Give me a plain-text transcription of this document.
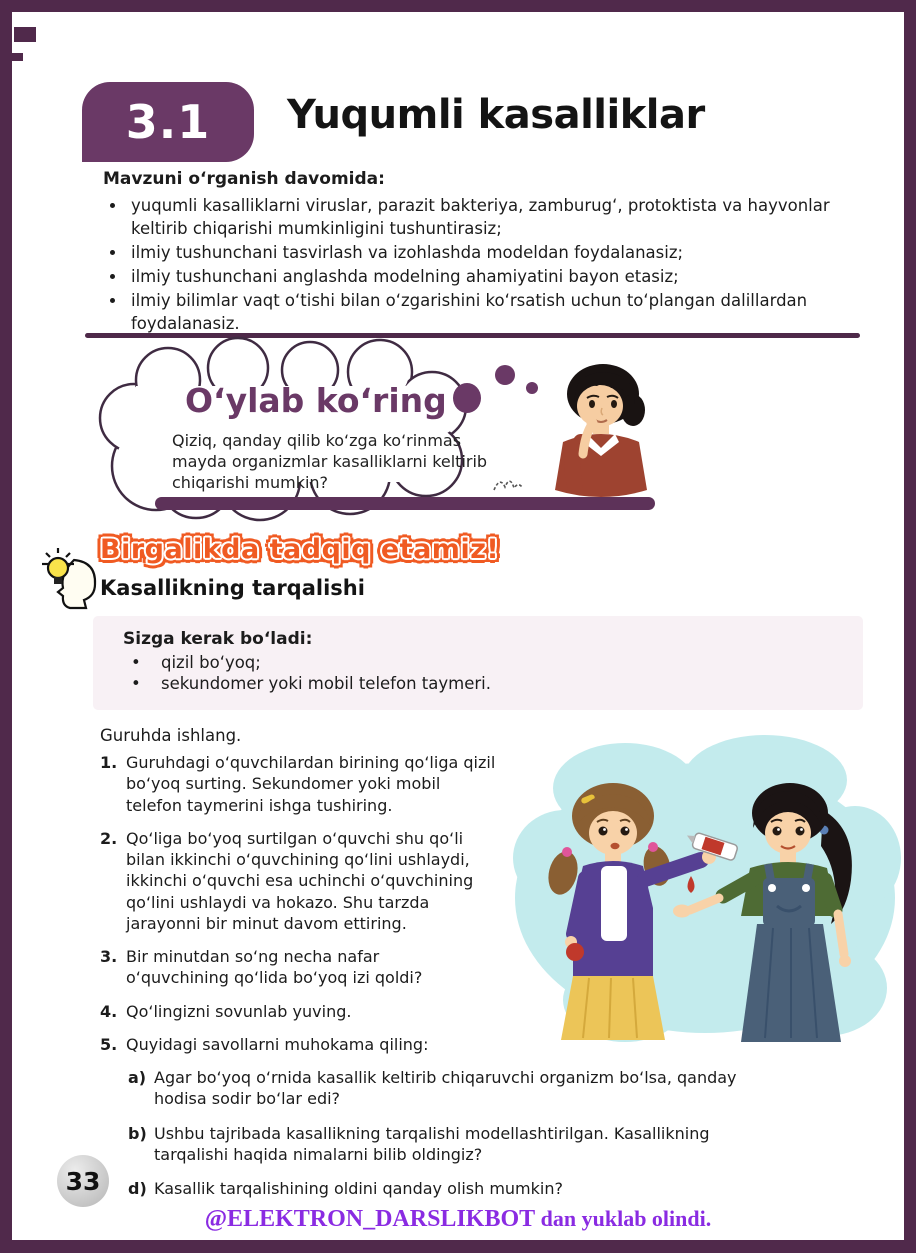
3.1 Yuqumli kasalliklar
Mavzuni o‘rganish davomida:
• yuqumli kasalliklarni viruslar, parazit bakteriya, zamburug‘, protoktista va hayvonlar keltirib chiqarishi mumkinligini tushuntirasiz;
• ilmiy tushunchani tasvirlash va izohlashda modeldan foydalanasiz;
• ilmiy tushunchani anglashda modelning ahamiyatini bayon etasiz;
• ilmiy bilimlar vaqt o‘tishi bilan o‘zgarishini ko‘rsatish uchun to‘plangan dalillardan foydalanasiz.
O‘ylab ko‘ring
Qiziq, qanday qilib ko‘zga ko‘rinmas mayda organizmlar kasalliklarni keltirib chiqarishi mumkin?
Birgalikda tadqiq etamiz!
Kasallikning tarqalishi
Sizga kerak bo‘ladi:
•	qizil bo‘yoq;
•	sekundomer yoki mobil telefon taymeri.
Guruhda ishlang.
1. Guruhdagi o‘quvchilardan birining qo‘liga qizil bo‘yoq surting. Sekundomer yoki mobil telefon taymerini ishga tushiring.
2. Qo‘liga bo‘yoq surtilgan o‘quvchi shu qo‘li bilan ikkinchi o‘quvchining qo‘lini ushlaydi, ikkinchi o‘quvchi esa uchinchi o‘quvchining qo‘lini ushlaydi va hokazo. Shu tarzda jarayonni bir minut davom ettiring.
3. Bir minutdan so‘ng necha nafar o‘quvchining qo‘lida bo‘yoq izi qoldi?
4. Qo‘lingizni sovunlab yuving.
5. Quyidagi savollarni muhokama qiling:
a) Agar bo‘yoq o‘rnida kasallik keltirib chiqaruvchi organizm bo‘lsa, qanday hodisa sodir bo‘lar edi?
b) Ushbu tajribada kasallikning tarqalishi modellashtirilgan. Kasallikning tarqalishi haqida nimalarni bilib oldingiz?
d) Kasallik tarqalishining oldini qanday olish mumkin?
33
@ELEKTRON_DARSLIKBOT dan yuklab olindi.
